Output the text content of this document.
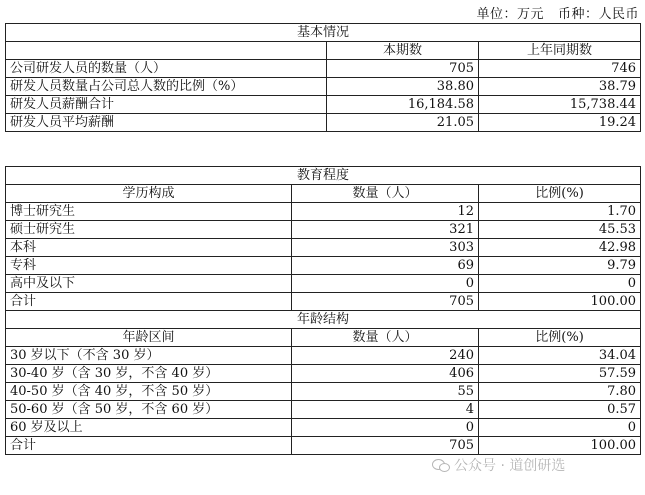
单位：万元 币种：人民币
基本情况		
	本期数	上年同期数
公司研发人员的数量（人）	705	746
研发人员数量占公司总人数的比例（%）	38.80	38.79
研发人员薪酬合计	16,184.58	15,738.44
研发人员平均薪酬	21.05	19.24
教育程度		
学历构成	数量（人）	比例(%)
博士研究生	12	1.70
硕士研究生	321	45.53
本科	303	42.98
专科	69	9.79
高中及以下	0	0
合计	705	100.00
年龄结构		
年龄区间	数量（人）	比例(%)
30 岁以下（不含 30 岁）	240	34.04
30-40 岁（含 30 岁，不含 40 岁）	406	57.59
40-50 岁（含 40 岁，不含 50 岁）	55	7.80
50-60 岁（含 50 岁，不含 60 岁）	4	0.57
60 岁及以上	0	0
合计	705	100.00
公众号 · 道创研选
